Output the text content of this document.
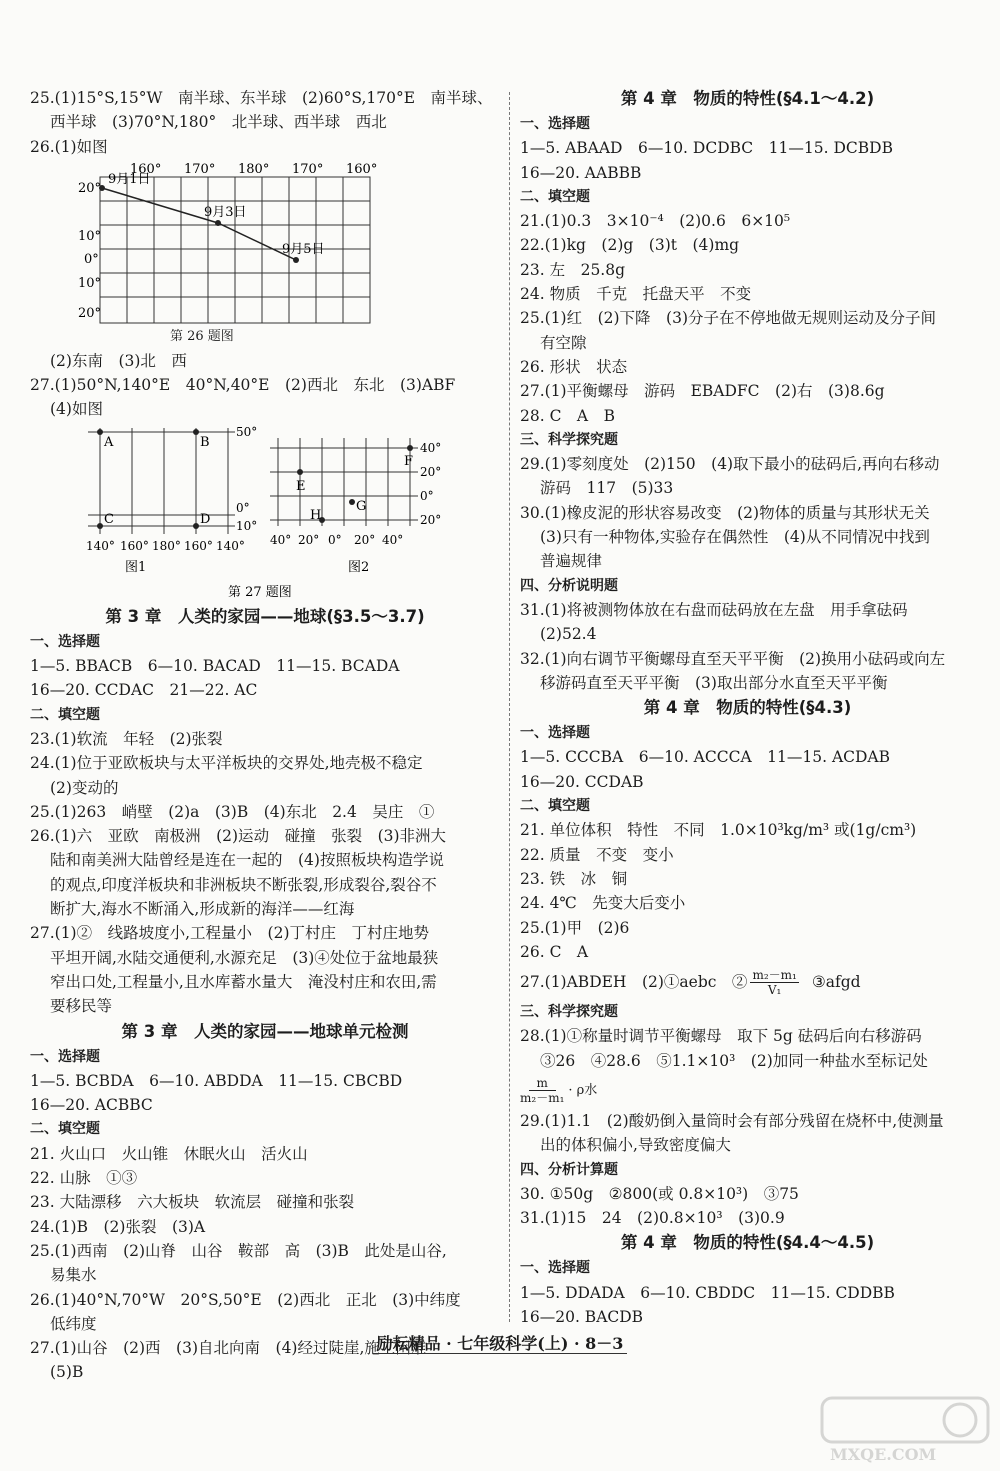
25.(1)15°S,15°W　南半球、东半球　(2)60°S,170°E　南半球、
西半球　(3)70°N,180°　北半球、西半球　西北
26.(1)如图
160° 170° 180° 170° 160°
20°
10°
0°
10°
20°
9月1日
9月3日
9月5日
第 26 题图
(2)东南　(3)北　西
27.(1)50°N,140°E　40°N,40°E　(2)西北　东北　(3)ABF
(4)如图
A	B
C	D
50°
0°
10°
140° 160° 180° 160° 140°
F
E
H
G
40°
20°
0°
20°
40° 20° 0° 20° 40°
图1	图2
第 27 题图
第 3 章　人类的家园——地球(§3.5～3.7)
一、选择题
1—5. BBACB　6—10. BACAD　11—15. BCADA
16—20. CCDAC　21—22. AC
二、填空题
23.(1)软流　年轻　(2)张裂
24.(1)位于亚欧板块与太平洋板块的交界处,地壳极不稳定
(2)变动的
25.(1)263　峭壁　(2)a　(3)B　(4)东北　2.4　吴庄　①
26.(1)六　亚欧　南极洲　(2)运动　碰撞　张裂　(3)非洲大
陆和南美洲大陆曾经是连在一起的　(4)按照板块构造学说
的观点,印度洋板块和非洲板块不断张裂,形成裂谷,裂谷不
断扩大,海水不断涌入,形成新的海洋——红海
27.(1)②　线路坡度小,工程量小　(2)丁村庄　丁村庄地势
平坦开阔,水陆交通便利,水源充足　(3)④处位于盆地最狭
窄出口处,工程量小,且水库蓄水量大　淹没村庄和农田,需
要移民等
第 3 章　人类的家园——地球单元检测
一、选择题
1—5. BCBDA　6—10. ABDDA　11—15. CBCBD
16—20. ACBBC
二、填空题
21. 火山口　火山锥　休眠火山　活火山
22. 山脉　①③
23. 大陆漂移　六大板块　软流层　碰撞和张裂
24.(1)B　(2)张裂　(3)A
25.(1)西南　(2)山脊　山谷　鞍部　高　(3)B　此处是山谷,
易集水
26.(1)40°N,70°W　20°S,50°E　(2)西北　正北　(3)中纬度
低纬度
27.(1)山谷　(2)西　(3)自北向南　(4)经过陡崖,施工困难
(5)B
第 4 章　物质的特性(§4.1～4.2)
一、选择题
1—5. ABAAD　6—10. DCDBC　11—15. DCBDB
16—20. AABBB
二、填空题
21.(1)0.3　3×10⁻⁴　(2)0.6　6×10⁵
22.(1)kg　(2)g　(3)t　(4)mg
23. 左　25.8g
24. 物质　千克　托盘天平　不变
25.(1)红　(2)下降　(3)分子在不停地做无规则运动及分子间
有空隙
26. 形状　状态
27.(1)平衡螺母　游码　EBADFC　(2)右　(3)8.6g
28. C　A　B
三、科学探究题
29.(1)零刻度处　(2)150　(4)取下最小的砝码后,再向右移动
游码　117　(5)33
30.(1)橡皮泥的形状容易改变　(2)物体的质量与其形状无关
(3)只有一种物体,实验存在偶然性　(4)从不同情况中找到
普遍规律
四、分析说明题
31.(1)将被测物体放在右盘而砝码放在左盘　用手拿砝码
(2)52.4
32.(1)向右调节平衡螺母直至天平平衡　(2)换用小砝码或向左
移游码直至天平平衡　(3)取出部分水直至天平平衡
第 4 章　物质的特性(§4.3)
一、选择题
1—5. CCCBA　6—10. ACCCA　11—15. ACDAB
16—20. CCDAB
二、填空题
21. 单位体积　特性　不同　1.0×10³kg/m³ 或(1g/cm³)
22. 质量　不变　变小
23. 铁　冰　铜
24. 4℃　先变大后变小
25.(1)甲　(2)6
26. C　A
27.(1)ABDEH　(2)①aebc　② $\frac{\text{m₂－m₁}}{\text{V₁}}$ ③afgd
三、科学探究题
28.(1)①称量时调节平衡螺母　取下 5g 砝码后向右移游码
③26　④28.6　⑤1.1×10³　(2)加同一种盐水至标记处
$\frac{m}{\text{m₂－m₁}} \cdot \rho$水
29.(1)1.1　(2)酸奶倒入量筒时会有部分残留在烧杯中,使测量
出的体积偏小,导致密度偏大
四、分析计算题
30. ①50g　②800(或 0.8×10³)　③75
31.(1)15　24　(2)0.8×10³　(3)0.9
第 4 章　物质的特性(§4.4～4.5)
一、选择题
1—5. DDADA　6—10. CBDDC　11—15. CDDBB
16—20. BACDB
励耘精品 · 七年级科学(上) · 8－3
MXQE.COM
